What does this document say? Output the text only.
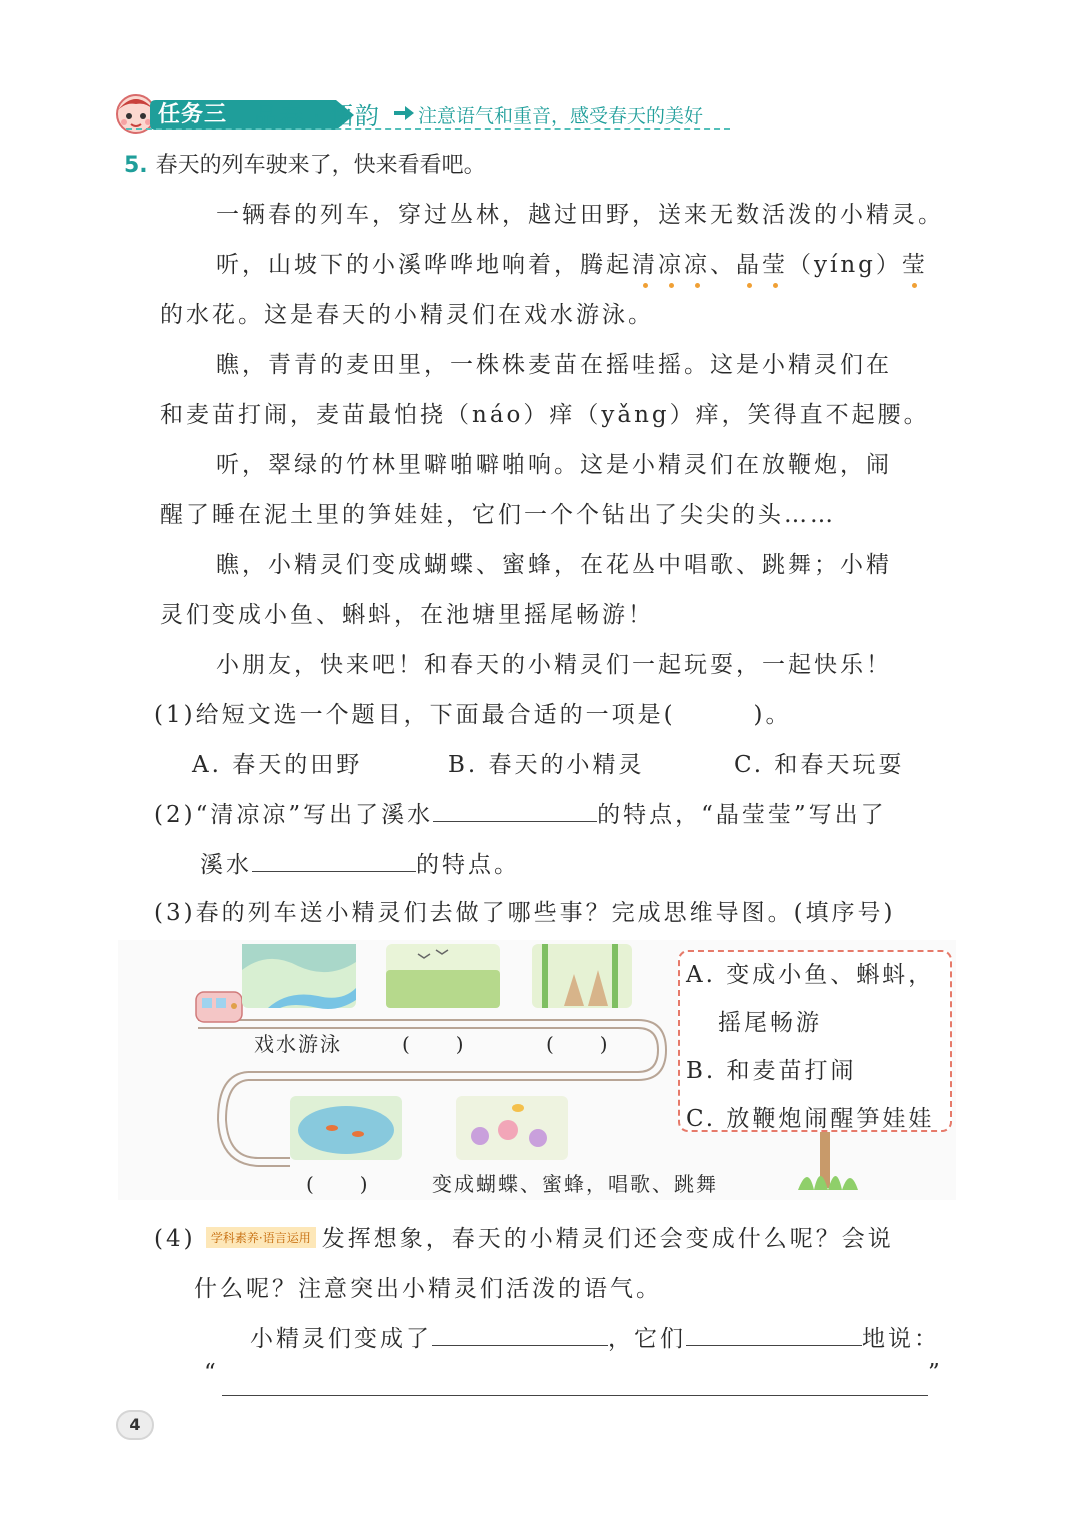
任务三	品春 · 悟韵 注意语气和重音，感受春天的美好
5. 春天的列车驶来了，快来看看吧。
一辆春的列车，穿过丛林，越过田野，送来无数活泼的小精灵。
听，山坡下的小溪哗哗地响着，腾起清凉凉、晶莹（yíng）莹
的水花。这是春天的小精灵们在戏水游泳。
瞧，青青的麦田里，一株株麦苗在摇哇摇。这是小精灵们在
和麦苗打闹，麦苗最怕挠（náo）痒（yǎng）痒，笑得直不起腰。
听，翠绿的竹林里噼啪噼啪响。这是小精灵们在放鞭炮，闹
醒了睡在泥土里的笋娃娃，它们一个个钻出了尖尖的头……
瞧，小精灵们变成蝴蝶、蜜蜂，在花丛中唱歌、跳舞；小精
灵们变成小鱼、蝌蚪，在池塘里摇尾畅游！
小朋友，快来吧！和春天的小精灵们一起玩耍，一起快乐！
(1)给短文选一个题目，下面最合适的一项是(　　　)。
A. 春天的田野	B. 春天的小精灵	C. 和春天玩耍
(2)“清凉凉”写出了溪水	的特点，“晶莹莹”写出了
溪水	的特点。
(3)春的列车送小精灵们去做了哪些事？完成思维导图。(填序号)
戏水游泳	(　　)	(　　)
(　　)	变成蝴蝶、蜜蜂，唱歌、跳舞
A. 变成小鱼、蝌蚪，
摇尾畅游
B. 和麦苗打闹
C. 放鞭炮闹醒笋娃娃
(4) 学科素养·语言运用 发挥想象，春天的小精灵们还会变成什么呢？会说
什么呢？注意突出小精灵们活泼的语气。
小精灵们变成了	，它们	地说：
“	”
4
